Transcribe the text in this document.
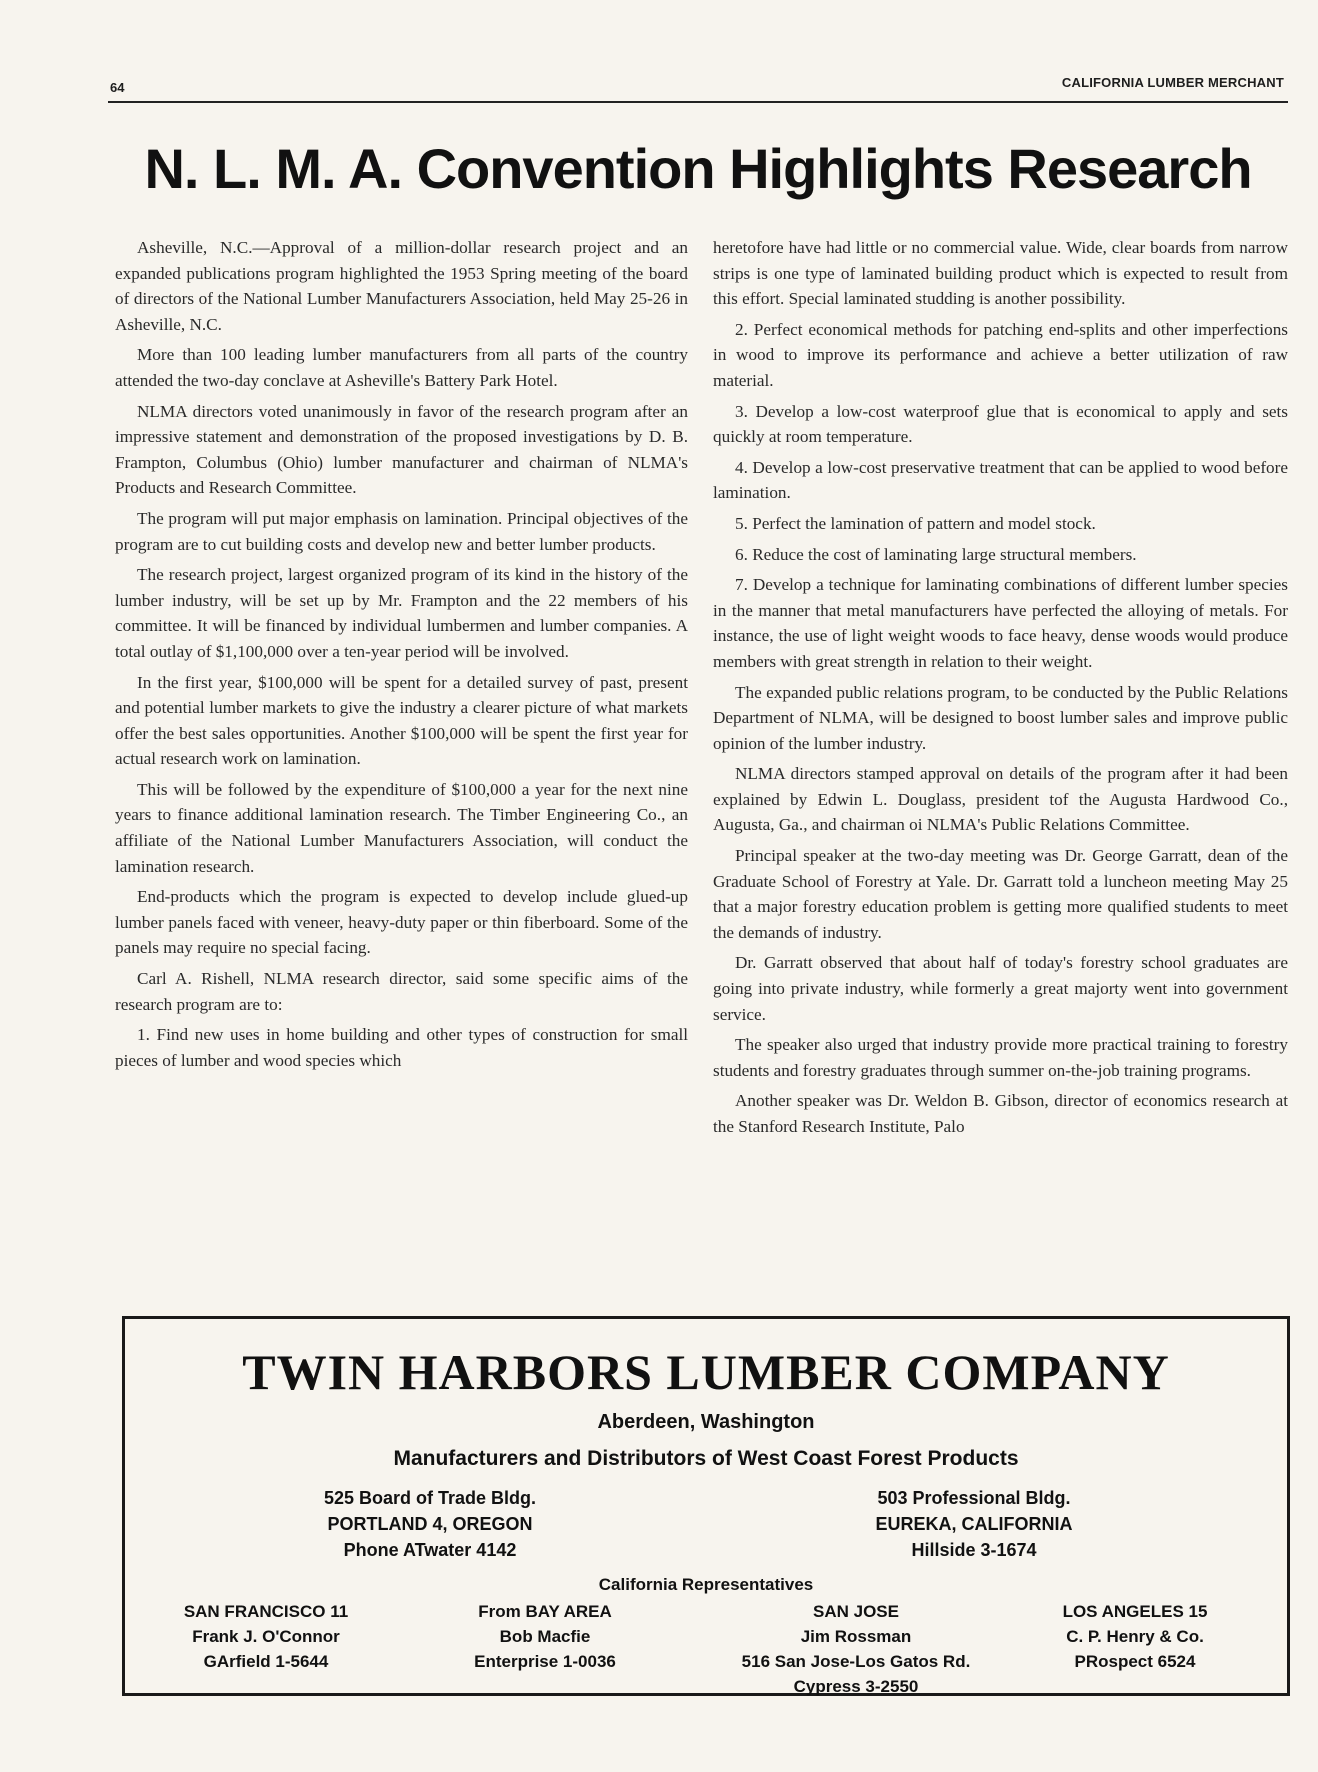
64	CALIFORNIA LUMBER MERCHANT
N. L. M. A. Convention Highlights Research

Asheville, N.C.—Approval of a million-dollar research project and an expanded publications program highlighted the 1953 Spring meeting of the board of directors of the National Lumber Manufacturers Association, held May 25-26 in Asheville, N.C.

More than 100 leading lumber manufacturers from all parts of the country attended the two-day conclave at Asheville's Battery Park Hotel.

NLMA directors voted unanimously in favor of the research program after an impressive statement and demonstration of the proposed investigations by D. B. Frampton, Columbus (Ohio) lumber manufacturer and chairman of NLMA's Products and Research Committee.

The program will put major emphasis on lamination. Principal objectives of the program are to cut building costs and develop new and better lumber products.

The research project, largest organized program of its kind in the history of the lumber industry, will be set up by Mr. Frampton and the 22 members of his committee. It will be financed by individual lumbermen and lumber companies. A total outlay of $1,100,000 over a ten-year period will be involved.

In the first year, $100,000 will be spent for a detailed survey of past, present and potential lumber markets to give the industry a clearer picture of what markets offer the best sales opportunities. Another $100,000 will be spent the first year for actual research work on lamination.

This will be followed by the expenditure of $100,000 a year for the next nine years to finance additional lamination research. The Timber Engineering Co., an affiliate of the National Lumber Manufacturers Association, will conduct the lamination research.

End-products which the program is expected to develop include glued-up lumber panels faced with veneer, heavy-duty paper or thin fiberboard. Some of the panels may require no special facing.

Carl A. Rishell, NLMA research director, said some specific aims of the research program are to:

1. Find new uses in home building and other types of construction for small pieces of lumber and wood species which

heretofore have had little or no commercial value. Wide, clear boards from narrow strips is one type of laminated building product which is expected to result from this effort. Special laminated studding is another possibility.

2. Perfect economical methods for patching end-splits and other imperfections in wood to improve its performance and achieve a better utilization of raw material.

3. Develop a low-cost waterproof glue that is economical to apply and sets quickly at room temperature.

4. Develop a low-cost preservative treatment that can be applied to wood before lamination.

5. Perfect the lamination of pattern and model stock.

6. Reduce the cost of laminating large structural members.

7. Develop a technique for laminating combinations of different lumber species in the manner that metal manufacturers have perfected the alloying of metals. For instance, the use of light weight woods to face heavy, dense woods would produce members with great strength in relation to their weight.

The expanded public relations program, to be conducted by the Public Relations Department of NLMA, will be designed to boost lumber sales and improve public opinion of the lumber industry.

NLMA directors stamped approval on details of the program after it had been explained by Edwin L. Douglass, president tof the Augusta Hardwood Co., Augusta, Ga., and chairman oi NLMA's Public Relations Committee.

Principal speaker at the two-day meeting was Dr. George Garratt, dean of the Graduate School of Forestry at Yale. Dr. Garratt told a luncheon meeting May 25 that a major forestry education problem is getting more qualified students to meet the demands of industry.

Dr. Garratt observed that about half of today's forestry school graduates are going into private industry, while formerly a great majorty went into government service.

The speaker also urged that industry provide more practical training to forestry students and forestry graduates through summer on-the-job training programs.

Another speaker was Dr. Weldon B. Gibson, director of economics research at the Stanford Research Institute, Palo

TWIN HARBORS LUMBER COMPANY
Aberdeen, Washington
Manufacturers and Distributors of West Coast Forest Products
525 Board of Trade Bldg.
PORTLAND 4, OREGON
Phone ATwater 4142
503 Professional Bldg.
EUREKA, CALIFORNIA
Hillside 3-1674
California Representatives
SAN FRANCISCO 11
Frank J. O'Connor
GArfield 1-5644
From BAY AREA
Bob Macfie
Enterprise 1-0036
SAN JOSE
Jim Rossman
516 San Jose-Los Gatos Rd.
Cypress 3-2550
LOS ANGELES 15
C. P. Henry & Co.
PRospect 6524
